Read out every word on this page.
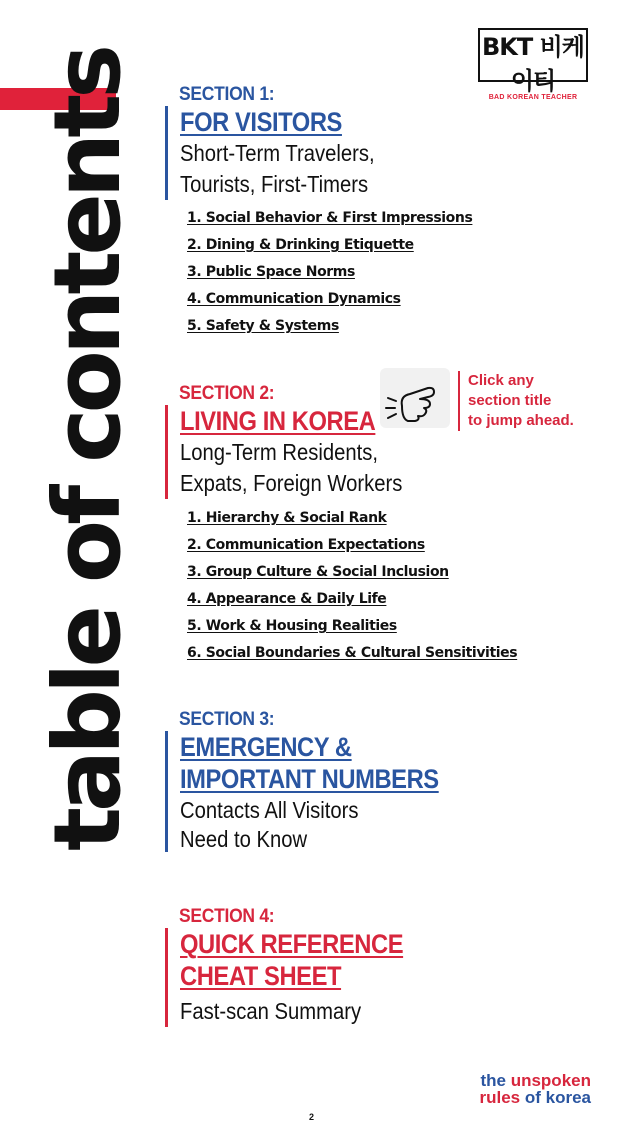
table of contents
BKT 비케이티
BAD KOREAN TEACHER
SECTION 1:
FOR VISITORS
Short-Term Travelers,
Tourists, First-Timers
1. Social Behavior & First Impressions
2. Dining & Drinking Etiquette
3. Public Space Norms
4. Communication Dynamics
5. Safety & Systems
SECTION 2:
LIVING IN KOREA
Long-Term Residents,
Expats, Foreign Workers
1. Hierarchy & Social Rank
2. Communication Expectations
3. Group Culture & Social Inclusion
4. Appearance & Daily Life
5. Work & Housing Realities
6. Social Boundaries & Cultural Sensitivities
Click any
section title
to jump ahead.
SECTION 3:
EMERGENCY &
IMPORTANT NUMBERS
Contacts All Visitors
Need to Know
SECTION 4:
QUICK REFERENCE
CHEAT SHEET
Fast-scan Summary
the unspoken
rules of korea
2
